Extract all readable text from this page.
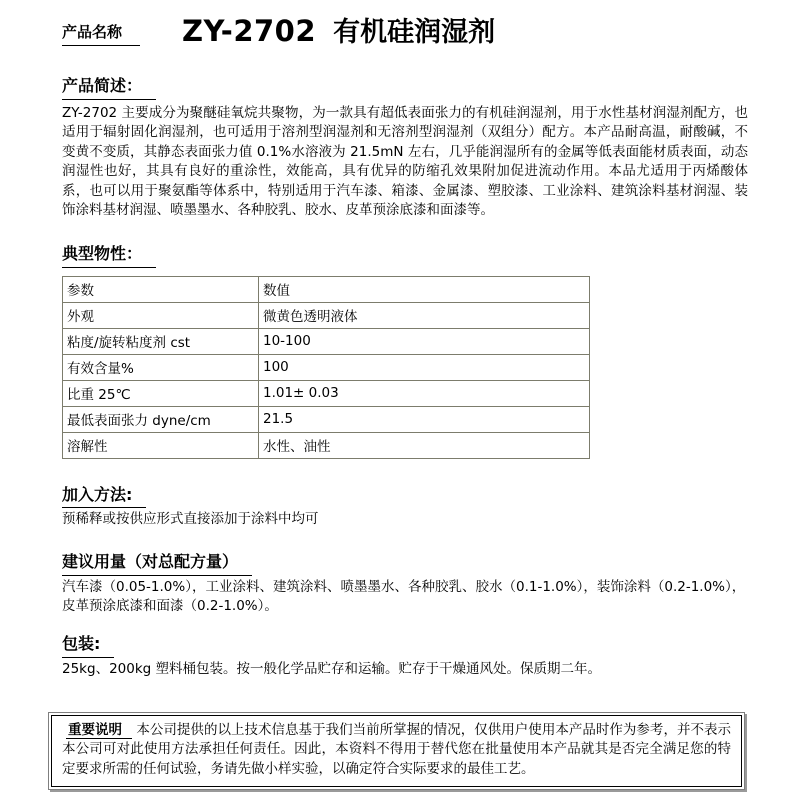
产品名称	ZY-2702 有机硅润湿剂
产品简述：

ZY-2702 主要成分为聚醚硅氧烷共聚物，为一款具有超低表面张力的有机硅润湿剂，用于水性基材润湿剂配方，也适用于辐射固化润湿剂，也可适用于溶剂型润湿剂和无溶剂型润湿剂（双组分）配方。本产品耐高温，耐酸碱，不变黄不变质，其静态表面张力值 0.1%水溶液为 21.5mN 左右，几乎能润湿所有的金属等低表面能材质表面，动态润湿性也好，其具有良好的重涂性，效能高，具有优异的防缩孔效果附加促进流动作用。本品尤适用于丙烯酸体系，也可以用于聚氨酯等体系中，特别适用于汽车漆、箱漆、金属漆、塑胶漆、工业涂料、建筑涂料基材润湿、装饰涂料基材润湿、喷墨墨水、各种胶乳、胶水、皮革预涂底漆和面漆等。

典型物性：
参数	数值
外观	微黄色透明液体
粘度/旋转粘度剂 cst	10-100
有效含量%	100
比重 25℃	1.01± 0.03
最低表面张力 dyne/cm	21.5
溶解性	水性、油性
加入方法:

预稀释或按供应形式直接添加于涂料中均可

建议用量（对总配方量）

汽车漆（0.05-1.0%），工业涂料、建筑涂料、喷墨墨水、各种胶乳、胶水（0.1-1.0%），装饰涂料（0.2-1.0%），皮革预涂底漆和面漆（0.2-1.0%）。

包装:

25kg、200kg 塑料桶包装。按一般化学品贮存和运输。贮存于干燥通风处。保质期二年。

重要说明 本公司提供的以上技术信息基于我们当前所掌握的情况，仅供用户使用本产品时作为参考，并不表示本公司可对此使用方法承担任何责任。因此，本资料不得用于替代您在批量使用本产品就其是否完全满足您的特定要求所需的任何试验，务请先做小样实验，以确定符合实际要求的最佳工艺。
